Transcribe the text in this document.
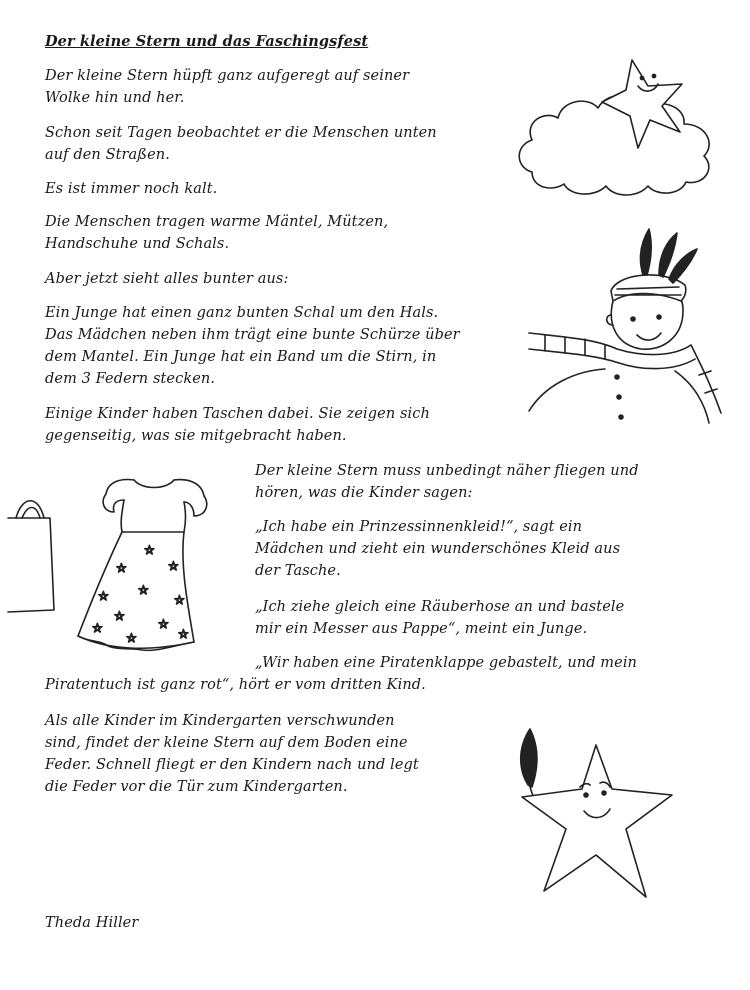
Der kleine Stern und das Faschingsfest

Der kleine Stern hüpft ganz aufgeregt auf seiner
Wolke hin und her.
Schon seit Tagen beobachtet er die Menschen unten
auf den Straßen.
Es ist immer noch kalt.
Die Menschen tragen warme Mäntel, Mützen,
Handschuhe und Schals.
Aber jetzt sieht alles bunter aus:
Ein Junge hat einen ganz bunten Schal um den Hals.
Das Mädchen neben ihm trägt eine bunte Schürze über
dem Mantel. Ein Junge hat ein Band um die Stirn, in
dem 3 Federn stecken.
Einige Kinder haben Taschen dabei. Sie zeigen sich
gegenseitig, was sie mitgebracht haben.
Der kleine Stern muss unbedingt näher fliegen und
hören, was die Kinder sagen:
„Ich habe ein Prinzessinnenkleid!“, sagt ein
Mädchen und zieht ein wunderschönes Kleid aus
der Tasche.
„Ich ziehe gleich eine Räuberhose an und bastele
mir ein Messer aus Pappe“, meint ein Junge.
„Wir haben eine Piratenklappe gebastelt, und mein
Piratentuch ist ganz rot“, hört er vom dritten Kind.
Als alle Kinder im Kindergarten verschwunden
sind, findet der kleine Stern auf dem Boden eine
Feder. Schnell fliegt er den Kindern nach und legt
die Feder vor die Tür zum Kindergarten.

Theda Hiller

☆
☆	☆
☆ ☆
☆
☆
☆
☆
☆	☆
